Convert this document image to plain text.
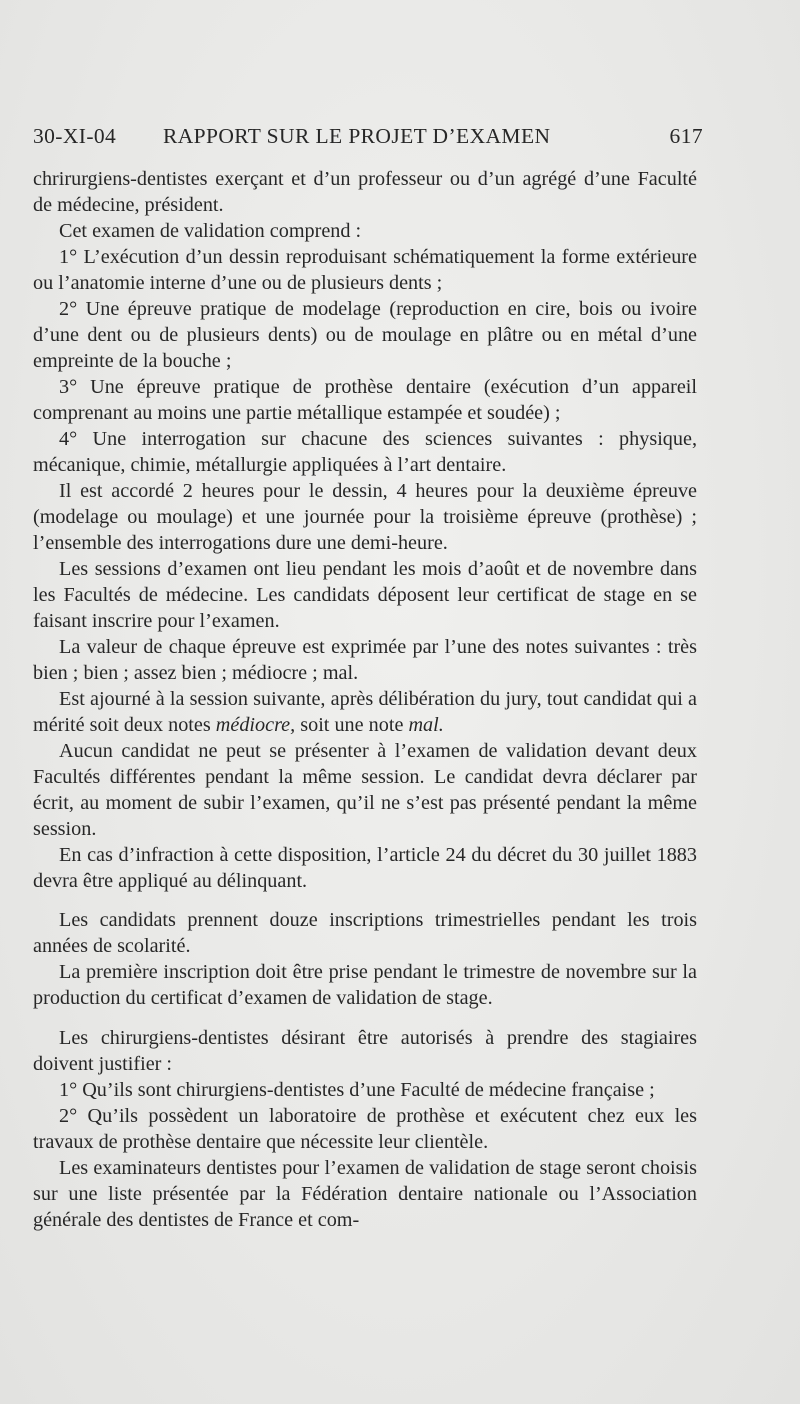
30-XI-04 RAPPORT SUR LE PROJET D’EXAMEN	617

chrirurgiens-dentistes exerçant et d’un professeur ou d’un agrégé d’une Faculté de médecine, président.

Cet examen de validation comprend :

1° L’exécution d’un dessin reproduisant schématiquement la forme extérieure ou l’anatomie interne d’une ou de plusieurs dents ;

2° Une épreuve pratique de modelage (reproduction en cire, bois ou ivoire d’une dent ou de plusieurs dents) ou de moulage en plâtre ou en métal d’une empreinte de la bouche ;

3° Une épreuve pratique de prothèse dentaire (exécution d’un appareil comprenant au moins une partie métallique estampée et soudée) ;

4° Une interrogation sur chacune des sciences suivantes : physique, mécanique, chimie, métallurgie appliquées à l’art dentaire.

Il est accordé 2 heures pour le dessin, 4 heures pour la deuxième épreuve (modelage ou moulage) et une journée pour la troisième épreuve (prothèse) ; l’ensemble des interrogations dure une demi-heure.

Les sessions d’examen ont lieu pendant les mois d’août et de novembre dans les Facultés de médecine. Les candidats déposent leur certificat de stage en se faisant inscrire pour l’examen.

La valeur de chaque épreuve est exprimée par l’une des notes suivantes : très bien ; bien ; assez bien ; médiocre ; mal.

Est ajourné à la session suivante, après délibération du jury, tout candidat qui a mérité soit deux notes médiocre, soit une note mal.

Aucun candidat ne peut se présenter à l’examen de validation devant deux Facultés différentes pendant la même session. Le candidat devra déclarer par écrit, au moment de subir l’examen, qu’il ne s’est pas présenté pendant la même session.

En cas d’infraction à cette disposition, l’article 24 du décret du 30 juillet 1883 devra être appliqué au délinquant.

Les candidats prennent douze inscriptions trimestrielles pendant les trois années de scolarité.

La première inscription doit être prise pendant le trimestre de novembre sur la production du certificat d’examen de validation de stage.

Les chirurgiens-dentistes désirant être autorisés à prendre des stagiaires doivent justifier :

1° Qu’ils sont chirurgiens-dentistes d’une Faculté de médecine française ;

2° Qu’ils possèdent un laboratoire de prothèse et exécutent chez eux les travaux de prothèse dentaire que nécessite leur clientèle.

Les examinateurs dentistes pour l’examen de validation de stage seront choisis sur une liste présentée par la Fédération dentaire nationale ou l’Association générale des dentistes de France et com-
